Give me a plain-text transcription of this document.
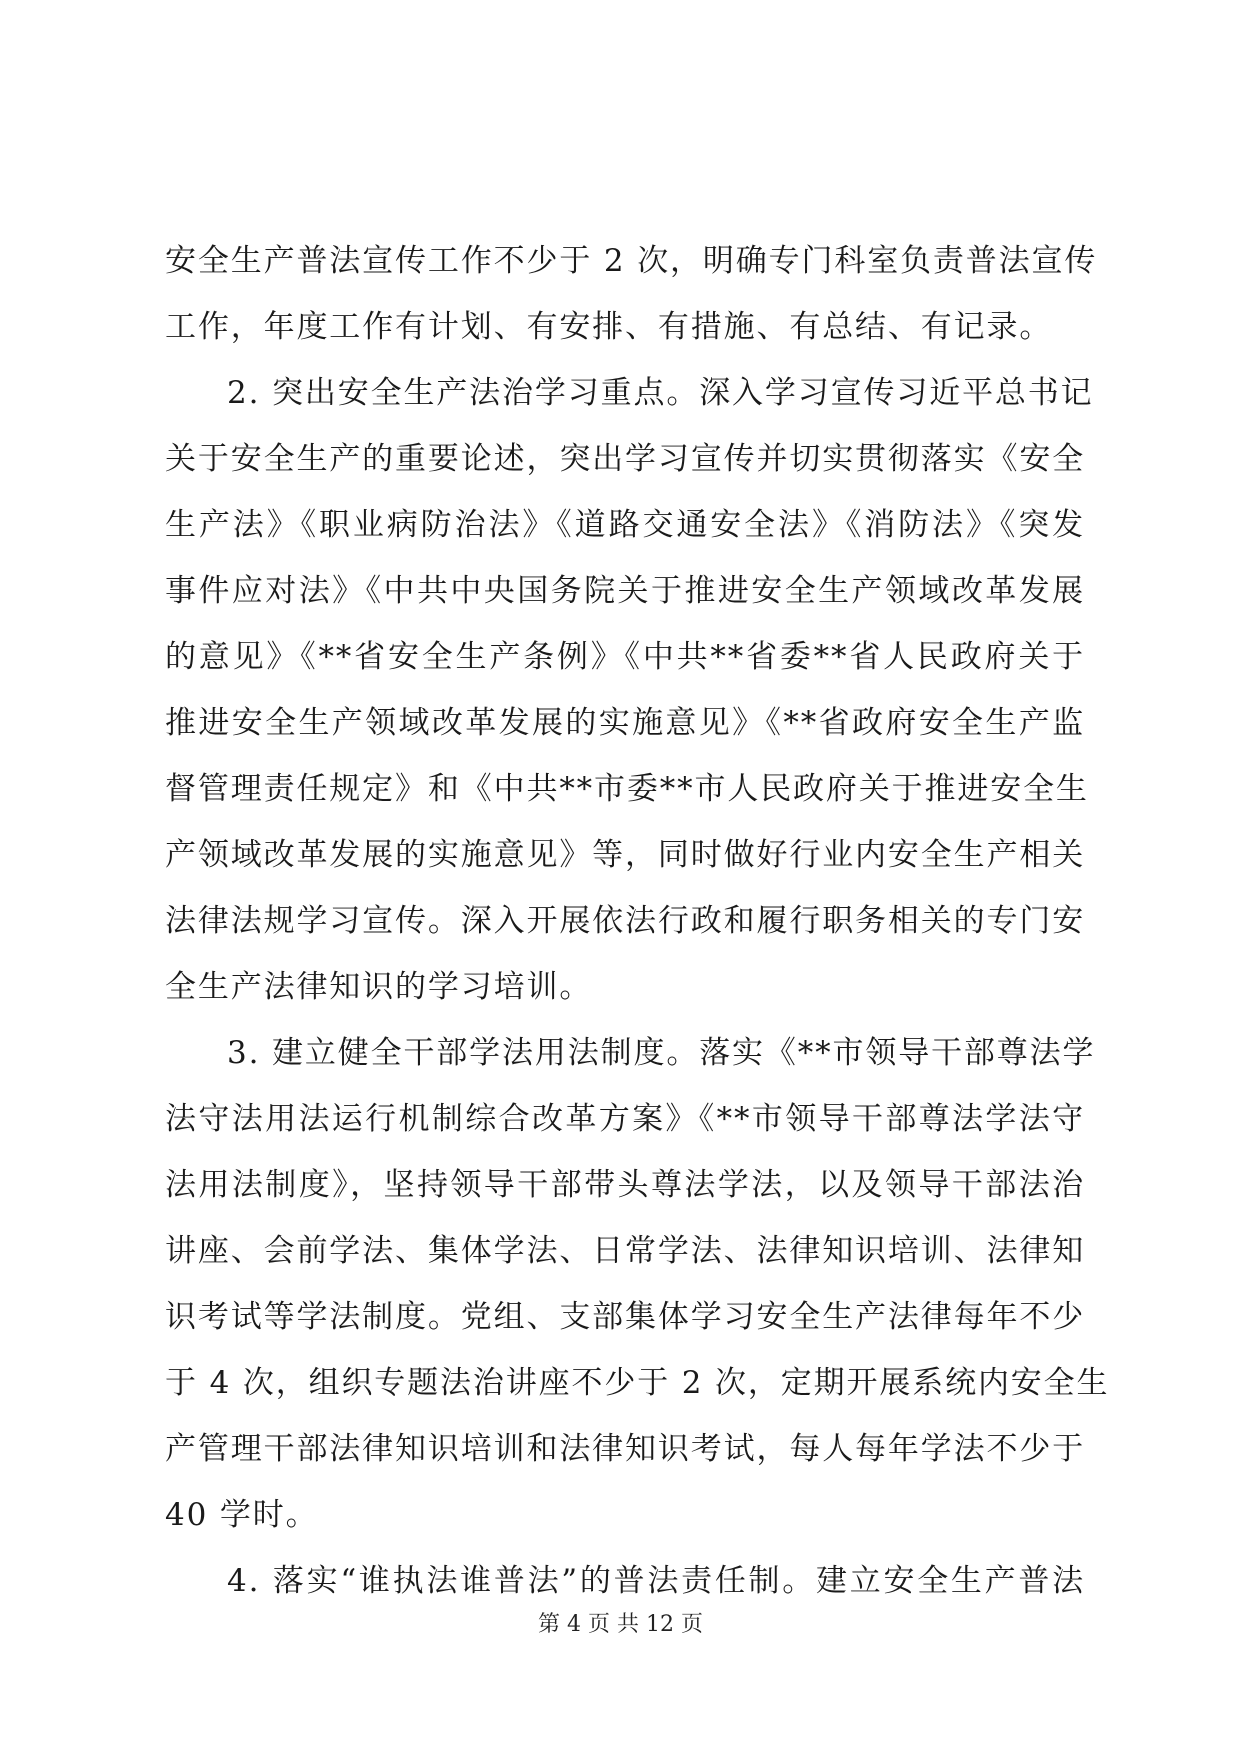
安全生产普法宣传工作不少于 2 次，明确专门科室负责普法宣传
工作，年度工作有计划、有安排、有措施、有总结、有记录。
2. 突出安全生产法治学习重点。深入学习宣传习近平总书记
关于安全生产的重要论述，突出学习宣传并切实贯彻落实《安全
生产法》《职业病防治法》《道路交通安全法》《消防法》《突发
事件应对法》《中共中央国务院关于推进安全生产领域改革发展
的意见》《**省安全生产条例》《中共**省委**省人民政府关于
推进安全生产领域改革发展的实施意见》《**省政府安全生产监
督管理责任规定》和《中共**市委**市人民政府关于推进安全生
产领域改革发展的实施意见》等，同时做好行业内安全生产相关
法律法规学习宣传。深入开展依法行政和履行职务相关的专门安
全生产法律知识的学习培训。
3. 建立健全干部学法用法制度。落实《**市领导干部尊法学
法守法用法运行机制综合改革方案》《**市领导干部尊法学法守
法用法制度》，坚持领导干部带头尊法学法，以及领导干部法治
讲座、会前学法、集体学法、日常学法、法律知识培训、法律知
识考试等学法制度。党组、支部集体学习安全生产法律每年不少
于 4 次，组织专题法治讲座不少于 2 次，定期开展系统内安全生
产管理干部法律知识培训和法律知识考试，每人每年学法不少于
40 学时。
4. 落实“谁执法谁普法”的普法责任制。建立安全生产普法
第 4 页 共 12 页
